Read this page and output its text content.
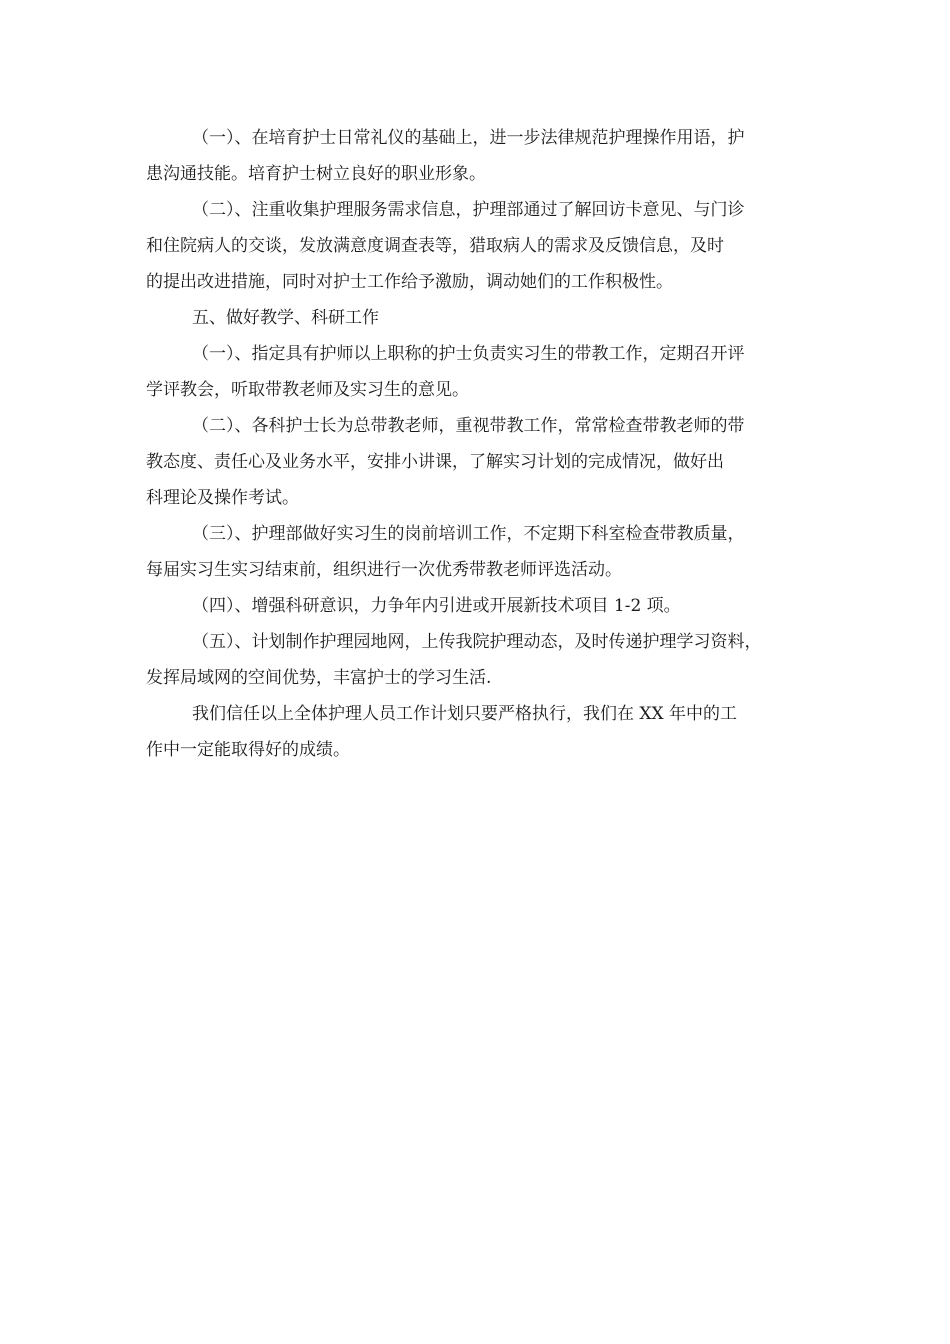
（一）、在培育护士日常礼仪的基础上，进一步法律规范护理操作用语，护
患沟通技能。培育护士树立良好的职业形象。
（二）、注重收集护理服务需求信息，护理部通过了解回访卡意见、与门诊
和住院病人的交谈，发放满意度调查表等，猎取病人的需求及反馈信息，及时
的提出改进措施，同时对护士工作给予激励，调动她们的工作积极性。
五、做好教学、科研工作
（一）、指定具有护师以上职称的护士负责实习生的带教工作，定期召开评
学评教会，听取带教老师及实习生的意见。
（二）、各科护士长为总带教老师，重视带教工作，常常检查带教老师的带
教态度、责任心及业务水平，安排小讲课，了解实习计划的完成情况，做好出
科理论及操作考试。
（三）、护理部做好实习生的岗前培训工作，不定期下科室检查带教质量，
每届实习生实习结束前，组织进行一次优秀带教老师评选活动。
（四）、增强科研意识，力争年内引进或开展新技术项目 1-2 项。
（五）、计划制作护理园地网，上传我院护理动态，及时传递护理学习资料，
发挥局域网的空间优势，丰富护士的学习生活.
我们信任以上全体护理人员工作计划只要严格执行，我们在 XX 年中的工
作中一定能取得好的成绩。
